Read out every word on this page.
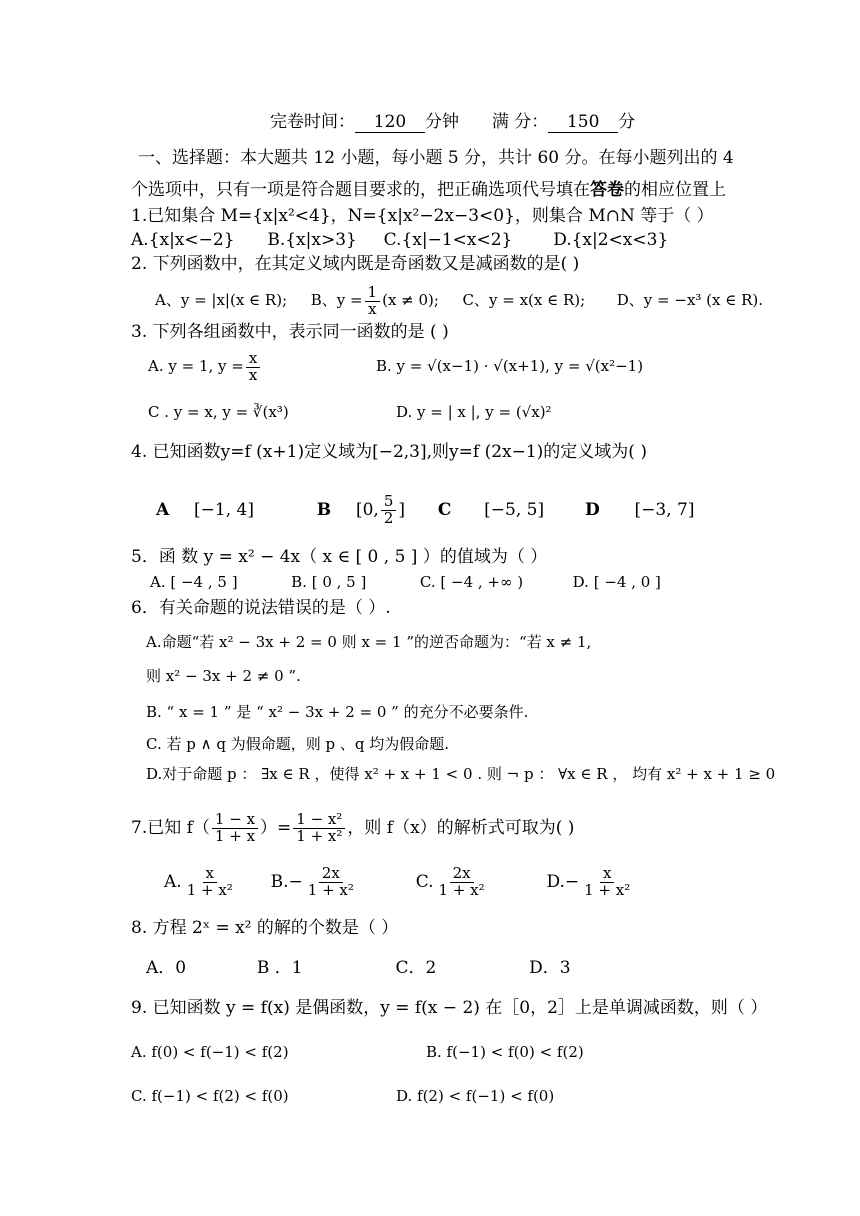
完卷时间： 120 分钟 满 分： 150 分
一、选择题：本大题共 12 小题，每小题 5 分，共计 60 分。在每小题列出的 4
个选项中，只有一项是符合题目要求的，把正确选项代号填在答卷的相应位置上
1.已知集合 M={x|x²<4}，N={x|x²−2x−3<0}，则集合 M∩N 等于（ ）
A.{x|x<−2} B.{x|x>3} C.{x|−1<x<2} D.{x|2<x<3}
2. 下列函数中，在其定义域内既是奇函数又是减函数的是( )
A、y = |x|(x ∈ R); B、$y = \frac{1}{x} (x \ne 0)$; C、y = x(x ∈ R); D、y = −x³ (x ∈ R).
3. 下列各组函数中，表示同一函数的是 ( )
A. y = 1, $y = \frac{x}{x}$	B. y = √(x−1) · √(x+1), y = √(x²−1)
C . y = x, y = ∛(x³)	D. y = | x |, y = (√x)²
4. 已知函数y=f (x+1)定义域为[−2,3],则y=f (2x−1)的定义域为( )
A [−1, 4]	B [0, $\frac{5}{2}$ ] C [−5, 5] D [−3, 7]
5．函 数 y = x² − 4x（ x ∈ [ 0 , 5 ] ）的值域为（ ）
A. [ −4 , 5 ]	B. [ 0 , 5 ]	C. [ −4 , +∞ )	D. [ −4 , 0 ]
6．有关命题的说法错误的是（ ）.
A.命题“若 x² − 3x + 2 = 0 则 x = 1 ”的逆否命题为：“若 x ≠ 1,
则 x² − 3x + 2 ≠ 0 ”.
B. “ x = 1 ” 是 “ x² − 3x + 2 = 0 ” 的充分不必要条件.
C. 若 p ∧ q 为假命题，则 p 、q 均为假命题.
D.对于命题 p ： ∃x ∈ R ，使得 x² + x + 1 < 0 . 则 ¬ p ： ∀x ∈ R ， 均有 x² + x + 1 ≥ 0
7.已知 $f( \frac{1 - x}{1 + x}$ ）= $\frac{\text{1 − x²}}{\text{1 + x²}}$ ，则 f（x）的解析式可取为( )
A. $\frac{x}{\text{1 + x²}} B.- \frac{2x}{\text{1 + x²}}$	C. $\frac{2x}{\text{1 + x²}}$	$D.- \frac{x}{\text{1 + x²}}$
8. 方程 2ˣ = x² 的解的个数是（ ）
A．0	B ．1	C．2	D．3
9. 已知函数 y = f(x) 是偶函数，y = f(x − 2) 在［0，2］上是单调减函数，则（ ）
A. f(0) < f(−1) < f(2)	B. f(−1) < f(0) < f(2)
C. f(−1) < f(2) < f(0)	D. f(2) < f(−1) < f(0)
